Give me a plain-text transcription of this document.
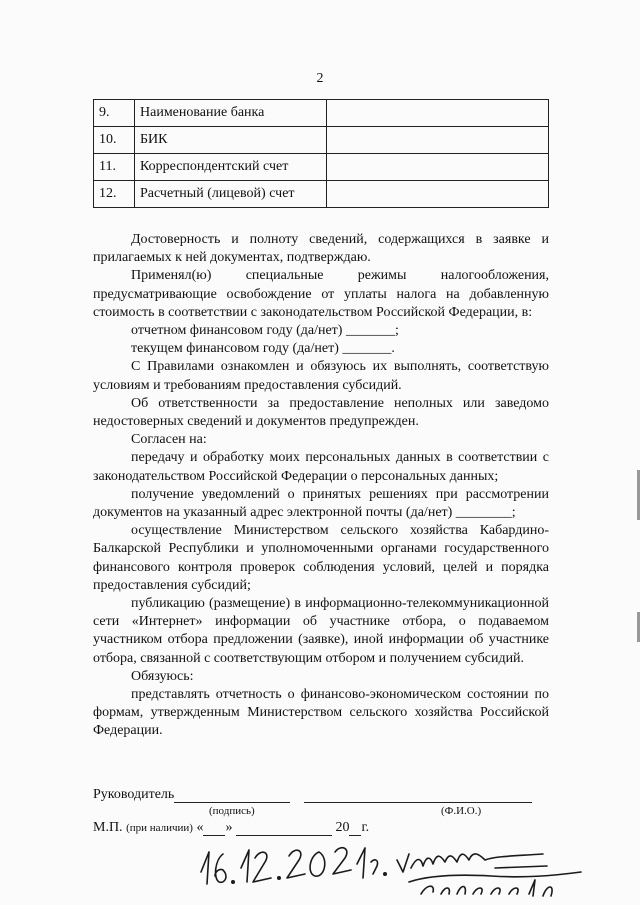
2
9.	Наименование банка	
10.	БИК	
11.	Корреспондентский счет	
12.	Расчетный (лицевой) счет	

Достоверность и полноту сведений, содержащихся в заявке и прилагаемых к ней документах, подтверждаю.

Применял(ю) специальные режимы налогообложения, предусматривающие освобождение от уплаты налога на добавленную стоимость в соответствии с законодательством Российской Федерации, в:

отчетном финансовом году (да/нет) _______;

текущем финансовом году (да/нет) _______.

С Правилами ознакомлен и обязуюсь их выполнять, соответствую условиям и требованиям предоставления субсидий.

Об ответственности за предоставление неполных или заведомо недостоверных сведений и документов предупрежден.

Согласен на:

передачу и обработку моих персональных данных в соответствии с законодательством Российской Федерации о персональных данных;

получение уведомлений о принятых решениях при рассмотрении документов на указанный адрес электронной почты (да/нет) ________;

осуществление Министерством сельского хозяйства Кабардино-Балкарской Республики и уполномоченными органами государственного финансового контроля проверок соблюдения условий, целей и порядка предоставления субсидий;

публикацию (размещение) в информационно-телекоммуникационной сети «Интернет» информации об участнике отбора, о подаваемом участником отбора предложении (заявке), иной информации об участнике отбора, связанной с соответствующим отбором и получением субсидий.

Обязуюсь:

представлять отчетность о финансово-экономическом состоянии по формам, утвержденным Министерством сельского хозяйства Российской Федерации.

Руководитель
(подпись)	(Ф.И.О.)
М.П. (при наличии) « »	20 г.
